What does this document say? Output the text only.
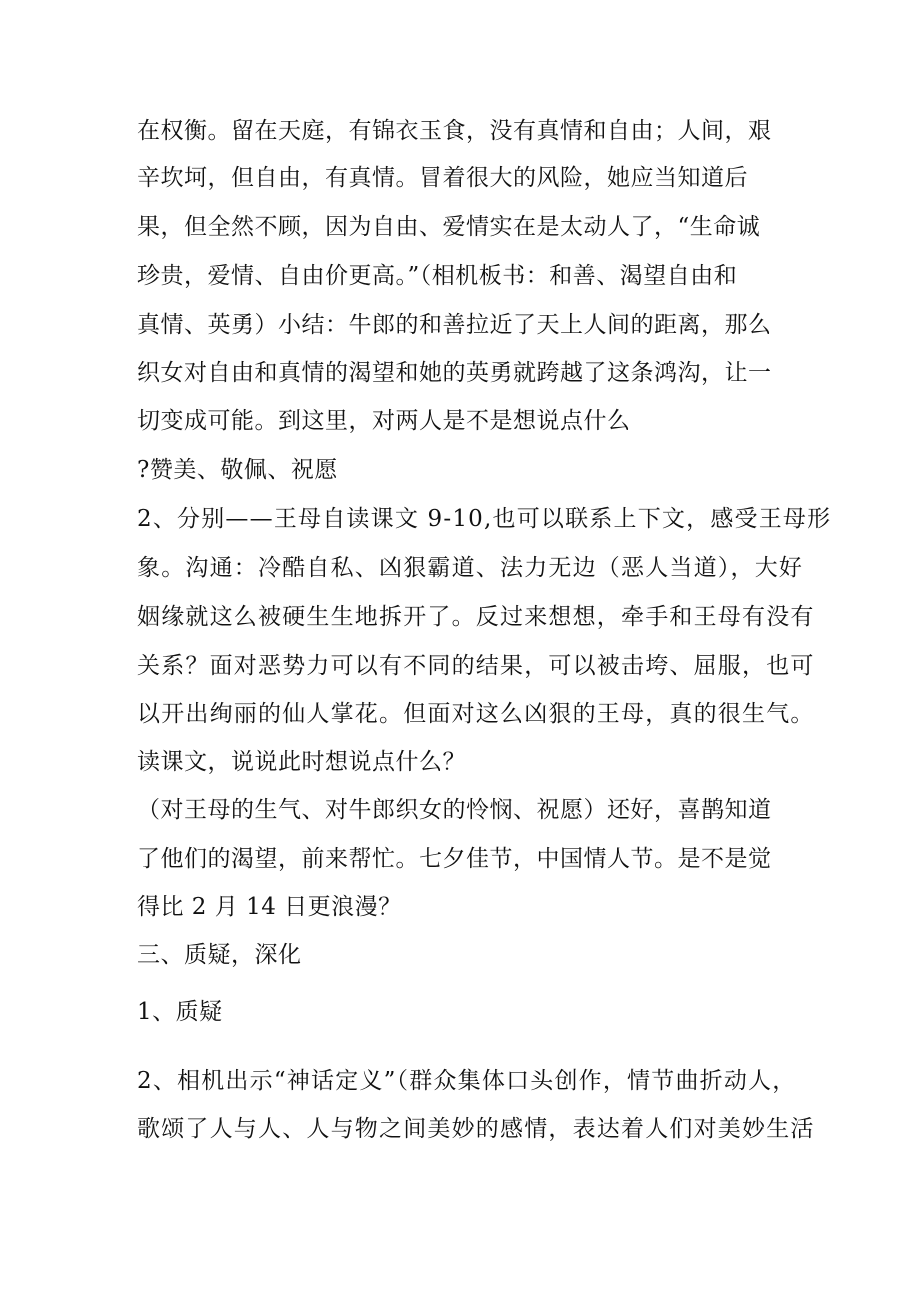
在权衡。留在天庭，有锦衣玉食，没有真情和自由；人间，艰
辛坎坷，但自由，有真情。冒着很大的风险，她应当知道后
果，但全然不顾，因为自由、爱情实在是太动人了，“生命诚
珍贵，爱情、自由价更高。”（相机板书：和善、渴望自由和
真情、英勇）小结：牛郎的和善拉近了天上人间的距离，那么
织女对自由和真情的渴望和她的英勇就跨越了这条鸿沟，让一
切变成可能。到这里，对两人是不是想说点什么
?赞美、敬佩、祝愿
2、分别——王母自读课文 9-10,也可以联系上下文，感受王母形
象。沟通：冷酷自私、凶狠霸道、法力无边（恶人当道），大好
姻缘就这么被硬生生地拆开了。反过来想想，牵手和王母有没有
关系？面对恶势力可以有不同的结果，可以被击垮、屈服，也可
以开出绚丽的仙人掌花。但面对这么凶狠的王母，真的很生气。
读课文，说说此时想说点什么？
（对王母的生气、对牛郎织女的怜悯、祝愿）还好，喜鹊知道
了他们的渴望，前来帮忙。七夕佳节，中国情人节。是不是觉
得比 2 月 14 日更浪漫？
三、质疑，深化
1、质疑
2、相机出示“神话定义”（群众集体口头创作，情节曲折动人，
歌颂了人与人、人与物之间美妙的感情，表达着人们对美妙生活
